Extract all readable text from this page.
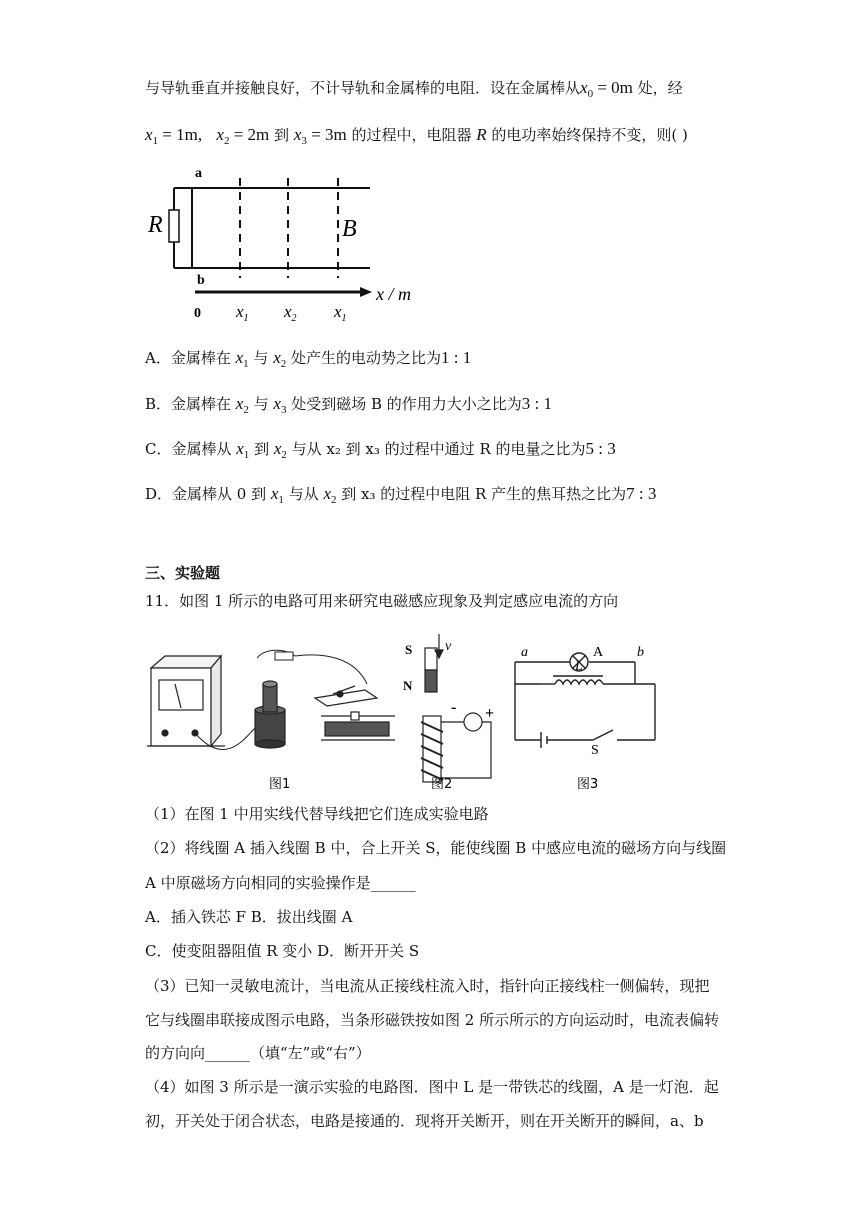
与导轨垂直并接触良好，不计导轨和金属棒的电阻．设在金属棒从$x_0 = 0m$ 处，经
$x_1 = 1m$, $x_2 = 2m$ 到 $x_3 = 3m$ 的过程中，电阻器 R 的电功率始终保持不变，则( )
a
b
R	B
0 $x_1$ $x_2$ $x_1$
x / m
A．金属棒在 $x_1$ 与 $x_2$ 处产生的电动势之比为1 : 1
B．金属棒在 $x_2$ 与 $x_3$ 处受到磁场 B 的作用力大小之比为3 : 1
C．金属棒从 $x_1$ 到 $x_2$ 与从 x₂ 到 x₃ 的过程中通过 R 的电量之比为5 : 3
D．金属棒从 0 到 $x_1$ 与从 $x_2$ 到 x₃ 的过程中电阻 R 产生的焦耳热之比为7 : 3
三、实验题
11．如图 1 所示的电路可用来研究电磁感应现象及判定感应电流的方向
S
N
v
- +
a	b
A
L
S
图1	图2	图3
（1）在图 1 中用实线代替导线把它们连成实验电路
（2）将线圈 A 插入线圈 B 中，合上开关 S，能使线圈 B 中感应电流的磁场方向与线圈
A 中原磁场方向相同的实验操作是______
A．插入铁芯 F B．拔出线圈 A
C．使变阻器阻值 R 变小 D．断开开关 S
（3）已知一灵敏电流计，当电流从正接线柱流入时，指针向正接线柱一侧偏转，现把
它与线圈串联接成图示电路，当条形磁铁按如图 2 所示所示的方向运动时，电流表偏转
的方向向______（填“左”或“右”）
（4）如图 3 所示是一演示实验的电路图．图中 L 是一带铁芯的线圈，A 是一灯泡．起
初，开关处于闭合状态，电路是接通的．现将开关断开，则在开关断开的瞬间，a、b
